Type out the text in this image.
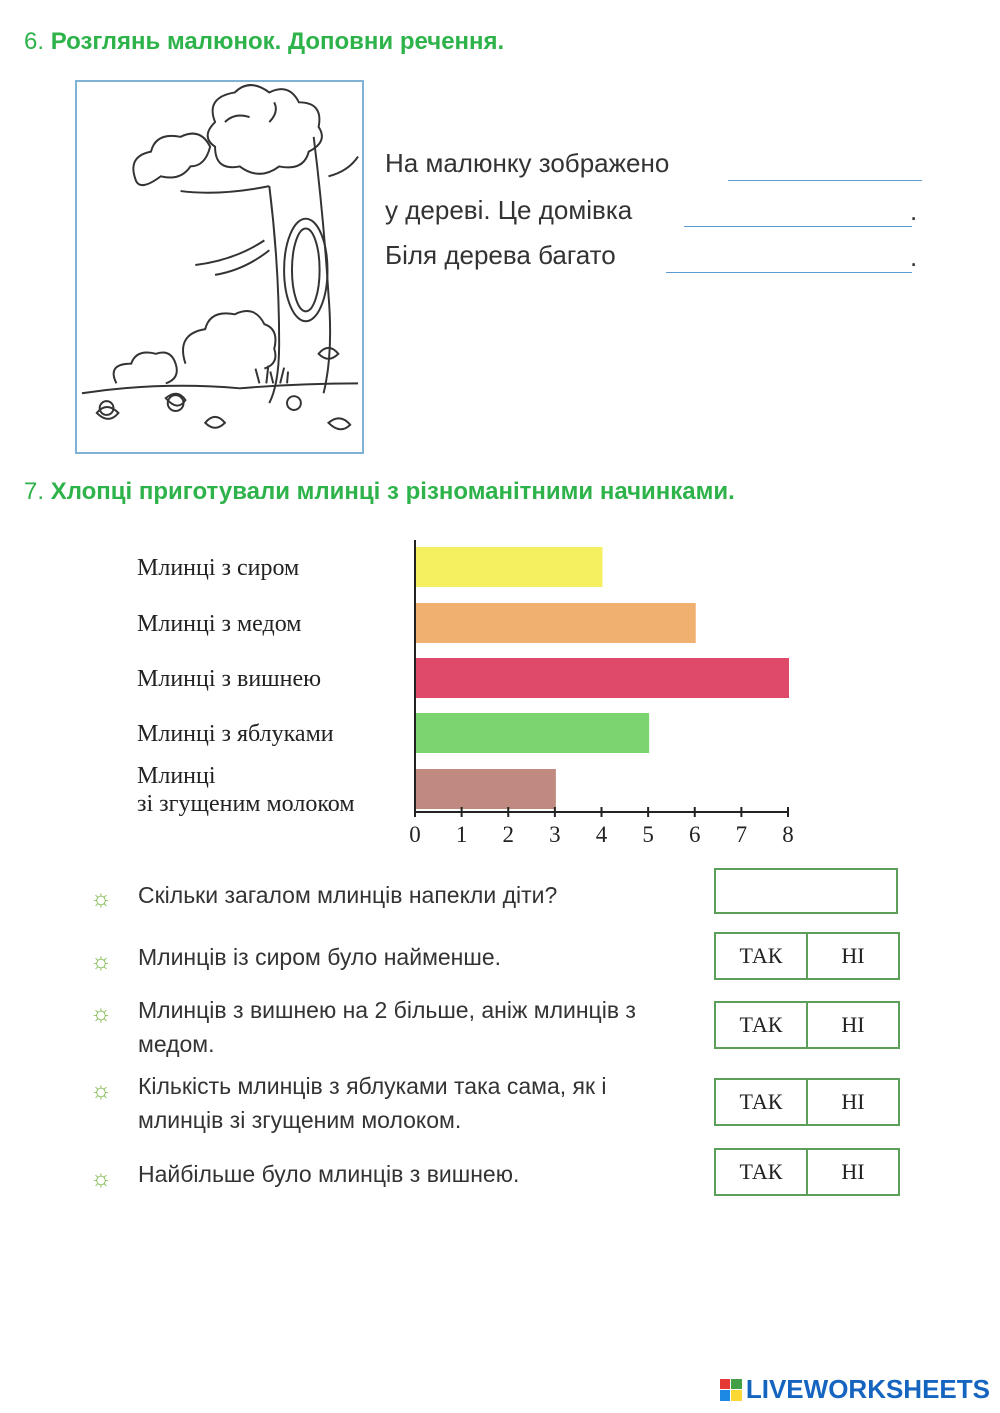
6. Розглянь малюнок. Доповни речення.
На малюнку зображено
у дереві. Це домівка	.
Біля дерева багато	.
7. Хлопці приготували млинці з різноманітними начинками.
Млинці з сиром
Млинці з медом
Млинці з вишнею
Млинці з яблуками
Млинці
зі згущеним молоком
0 1 2 3 4 5 6 7 8
☼ Скільки загалом млинців напекли діти?
☼ Млинців із сиром було найменше.	ТАК	НІ
☼ Млинців з вишнею на 2 більше, аніж млинців з медом.
ТАК	НІ
☼ Кількість млинців з яблуками така сама, як і млинців зі згущеним молоком.
ТАК	НІ
☼ Найбільше було млинців з вишнею.	ТАК	НІ
LIVEWORKSHEETS
